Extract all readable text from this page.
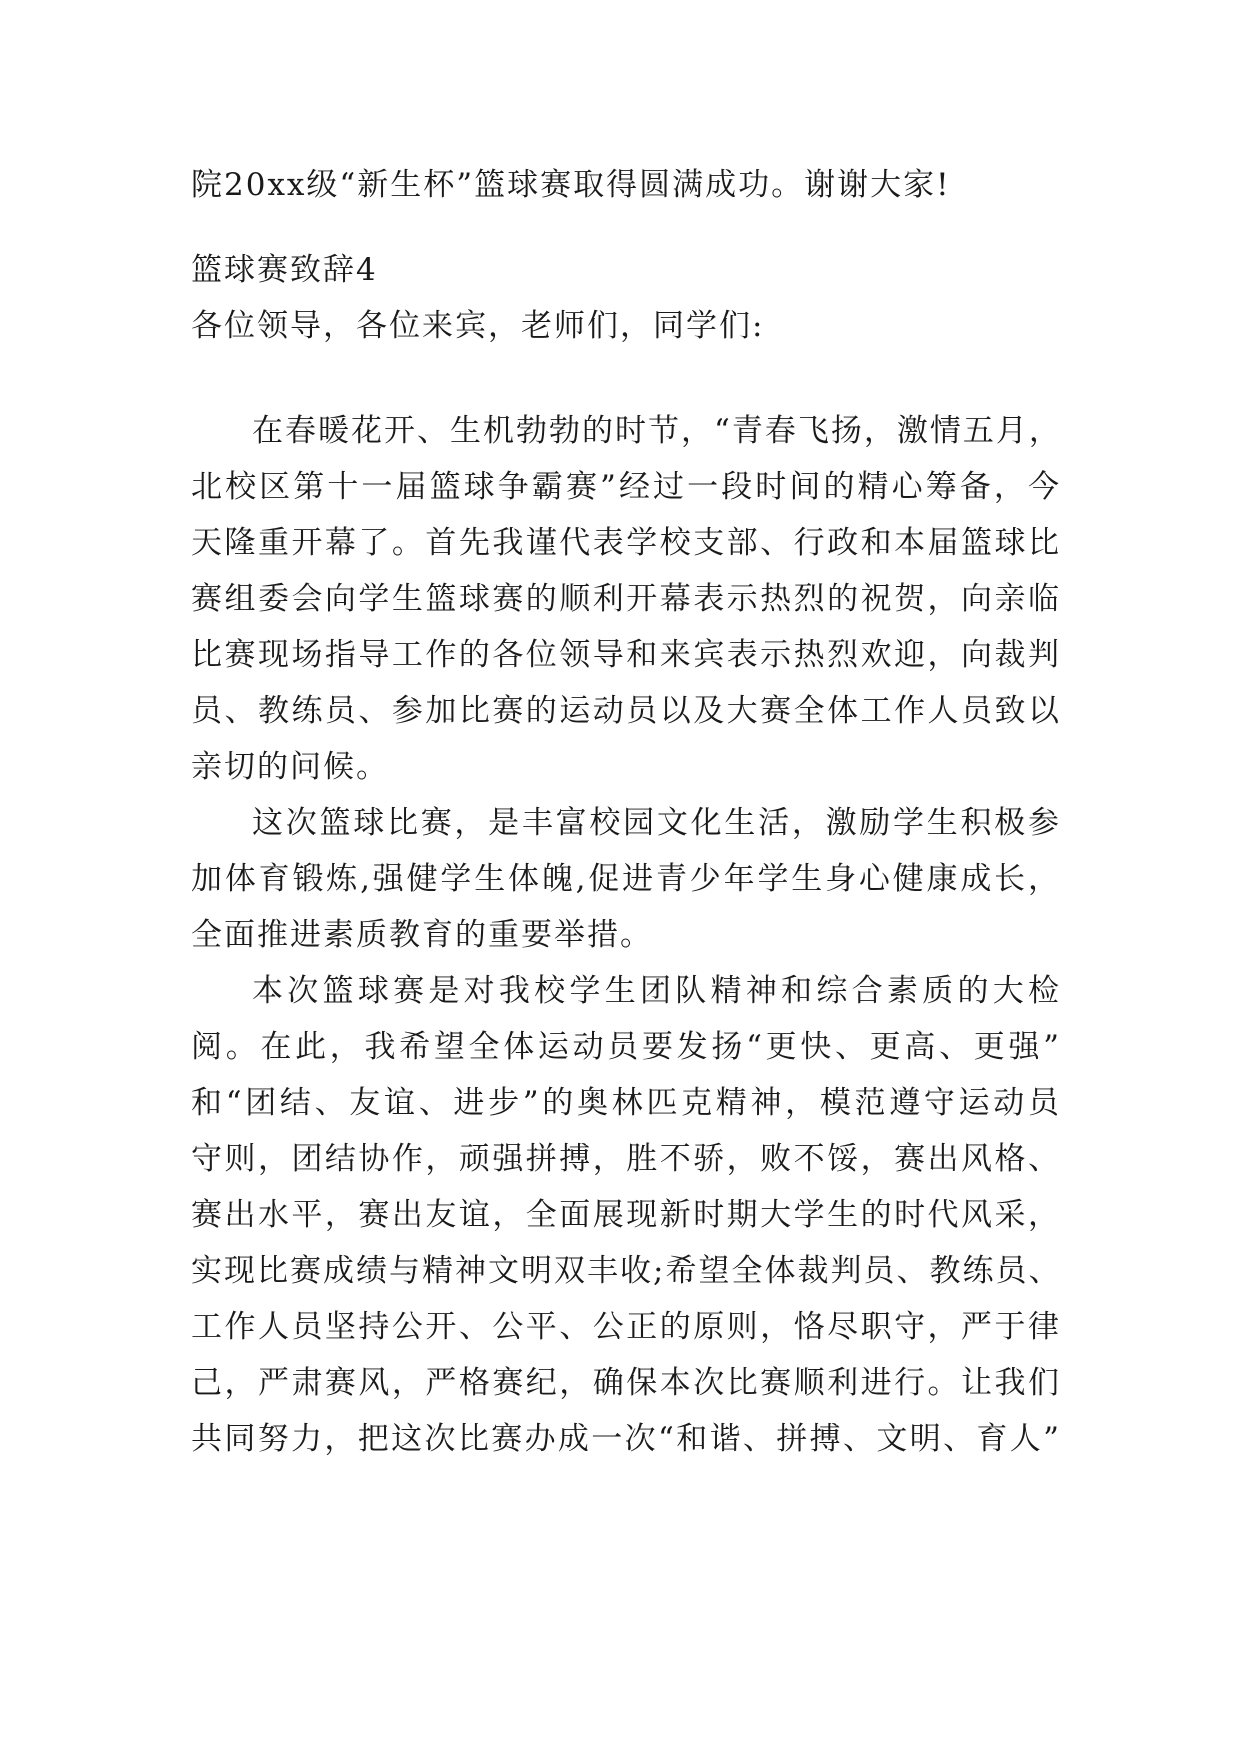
院20xx级“新生杯”篮球赛取得圆满成功。谢谢大家!
篮球赛致辞4
各位领导，各位来宾，老师们，同学们:
在春暖花开、生机勃勃的时节，“青春飞扬，激情五月，
北校区第十一届篮球争霸赛”经过一段时间的精心筹备，今
天隆重开幕了。首先我谨代表学校支部、行政和本届篮球比
赛组委会向学生篮球赛的顺利开幕表示热烈的祝贺，向亲临
比赛现场指导工作的各位领导和来宾表示热烈欢迎，向裁判
员、教练员、参加比赛的运动员以及大赛全体工作人员致以
亲切的问候。
这次篮球比赛，是丰富校园文化生活，激励学生积极参
加体育锻炼,强健学生体魄,促进青少年学生身心健康成长，
全面推进素质教育的重要举措。
本次篮球赛是对我校学生团队精神和综合素质的大检
阅。在此，我希望全体运动员要发扬“更快、更高、更强”
和“团结、友谊、进步”的奥林匹克精神，模范遵守运动员
守则，团结协作，顽强拼搏，胜不骄，败不馁，赛出风格、
赛出水平，赛出友谊，全面展现新时期大学生的时代风采，
实现比赛成绩与精神文明双丰收;希望全体裁判员、教练员、
工作人员坚持公开、公平、公正的原则，恪尽职守，严于律
己，严肃赛风，严格赛纪，确保本次比赛顺利进行。让我们
共同努力，把这次比赛办成一次“和谐、拼搏、文明、育人”
